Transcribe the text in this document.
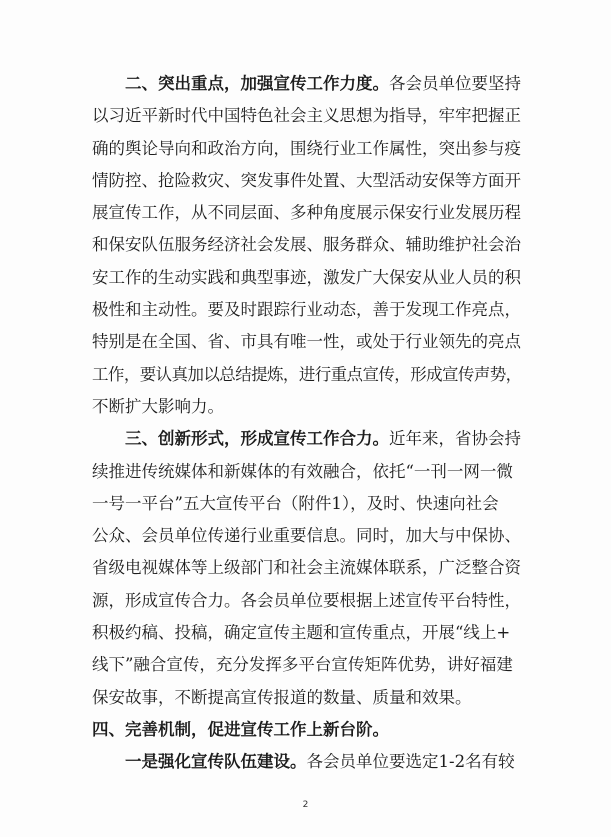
二、突出重点，加强宣传工作力度。各会员单位要坚持
以习近平新时代中国特色社会主义思想为指导，牢牢把握正
确的舆论导向和政治方向，围绕行业工作属性，突出参与疫
情防控、抢险救灾、突发事件处置、大型活动安保等方面开
展宣传工作，从不同层面、多种角度展示保安行业发展历程
和保安队伍服务经济社会发展、服务群众、辅助维护社会治
安工作的生动实践和典型事迹，激发广大保安从业人员的积
极性和主动性。要及时跟踪行业动态，善于发现工作亮点，
特别是在全国、省、市具有唯一性，或处于行业领先的亮点
工作，要认真加以总结提炼，进行重点宣传，形成宣传声势，
不断扩大影响力。
三、创新形式，形成宣传工作合力。近年来，省协会持
续推进传统媒体和新媒体的有效融合，依托“一刊一网一微
一号一平台”五大宣传平台（附件1），及时、快速向社会
公众、会员单位传递行业重要信息。同时，加大与中保协、
省级电视媒体等上级部门和社会主流媒体联系，广泛整合资
源，形成宣传合力。各会员单位要根据上述宣传平台特性，
积极约稿、投稿，确定宣传主题和宣传重点，开展“线上+
线下”融合宣传，充分发挥多平台宣传矩阵优势，讲好福建
保安故事，不断提高宣传报道的数量、质量和效果。
四、完善机制，促进宣传工作上新台阶。
一是强化宣传队伍建设。各会员单位要选定1-2名有较
2
